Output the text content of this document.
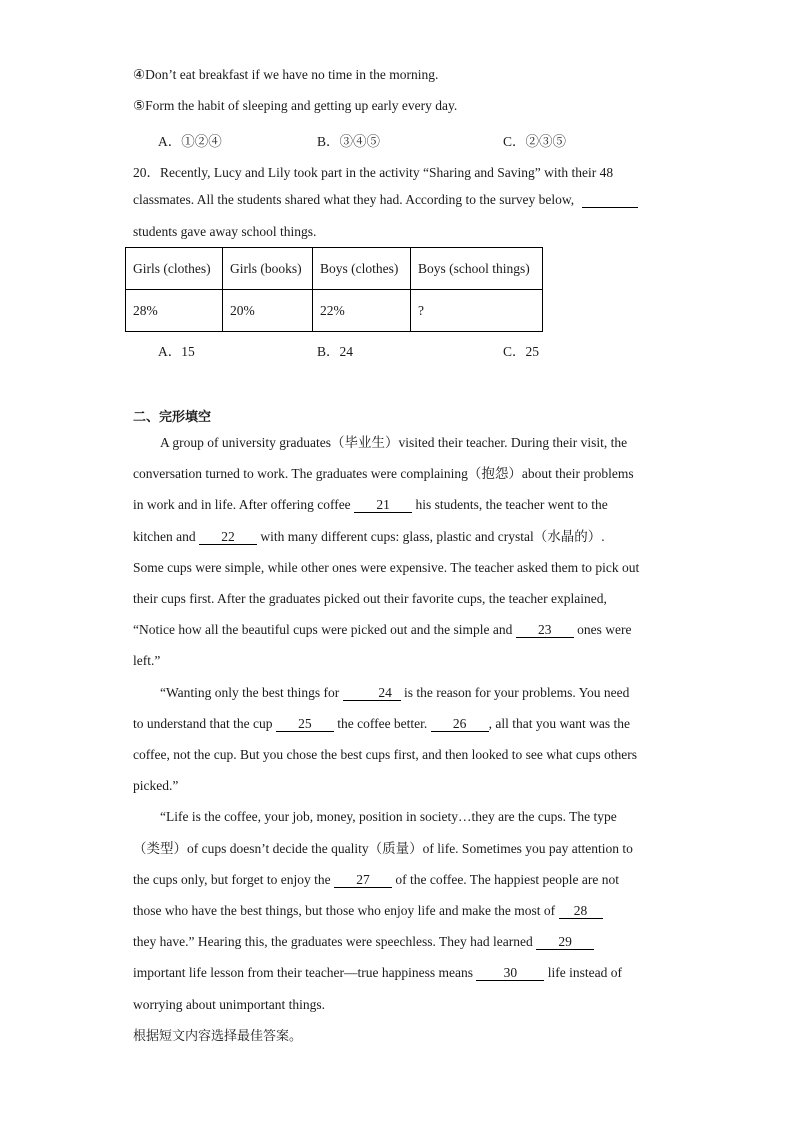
④Don’t eat breakfast if we have no time in the morning.
⑤Form the habit of sleeping and getting up early every day.
A．①②④	B．③④⑤	C．②③⑤
20．Recently, Lucy and Lily took part in the activity “Sharing and Saving” with their 48
classmates. All the students shared what they had. According to the survey below,
students gave away school things.
Girls (clothes)	Girls (books)	Boys (clothes)	Boys (school things)
28%	20%	22%	?
A．15	B．24	C．25
二、完形填空

A group of university graduates（毕业生）visited their teacher. During their visit, the

conversation turned to work. The graduates were complaining（抱怨）about their problems

in work and in life. After offering coffee 21 his students, the teacher went to the

kitchen and 22 with many different cups: glass, plastic and crystal（水晶的）.

Some cups were simple, while other ones were expensive. The teacher asked them to pick out

their cups first. After the graduates picked out their favorite cups, the teacher explained,

“Notice how all the beautiful cups were picked out and the simple and 23 ones were

left.”

“Wanting only the best things for	24 is the reason for your problems. You need

to understand that the cup 25 the coffee better. 26 , all that you want was the

coffee, not the cup. But you chose the best cups first, and then looked to see what cups others

picked.”

“Life is the coffee, your job, money, position in society…they are the cups. The type

（类型）of cups doesn’t decide the quality（质量）of life. Sometimes you pay attention to

the cups only, but forget to enjoy the 27 of the coffee. The happiest people are not

those who have the best things, but those who enjoy life and make the most of 28

they have.” Hearing this, the graduates were speechless. They had learned 29

important life lesson from their teacher—true happiness means 30 life instead of

worrying about unimportant things.

根据短文内容选择最佳答案。
